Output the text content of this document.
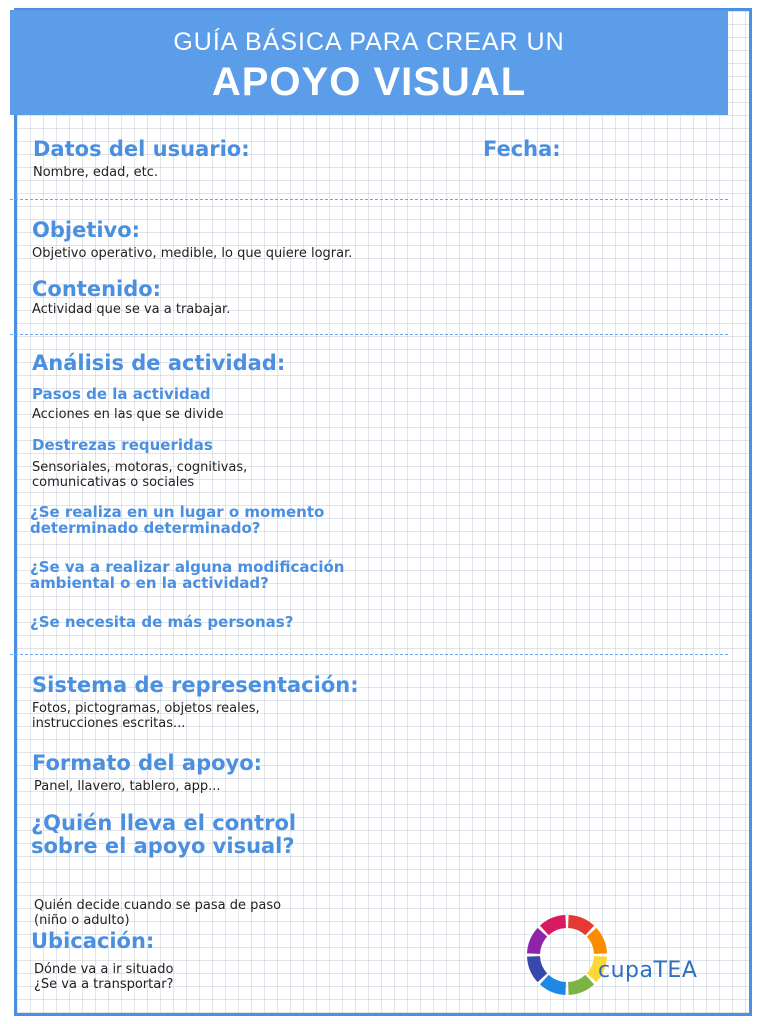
GUÍA BÁSICA PARA CREAR UN
APOYO VISUAL
Datos del usuario:
Nombre, edad, etc.
Fecha:
Objetivo:
Objetivo operativo, medible, lo que quiere lograr.
Contenido:
Actividad que se va a trabajar.
Análisis de actividad:
Pasos de la actividad
Acciones en las que se divide
Destrezas requeridas
Sensoriales, motoras, cognitivas,
comunicativas o sociales
¿Se realiza en un lugar o momento
determinado determinado?
¿Se va a realizar alguna modificación
ambiental o en la actividad?
¿Se necesita de más personas?
Sistema de representación:
Fotos, pictogramas, objetos reales,
instrucciones escritas...
Formato del apoyo:
Panel, llavero, tablero, app...
¿Quién lleva el control
sobre el apoyo visual?
Quién decide cuando se pasa de paso
(niño o adulto)
Ubicación:
Dónde va a ir situado
¿Se va a transportar?
cupaTEA
